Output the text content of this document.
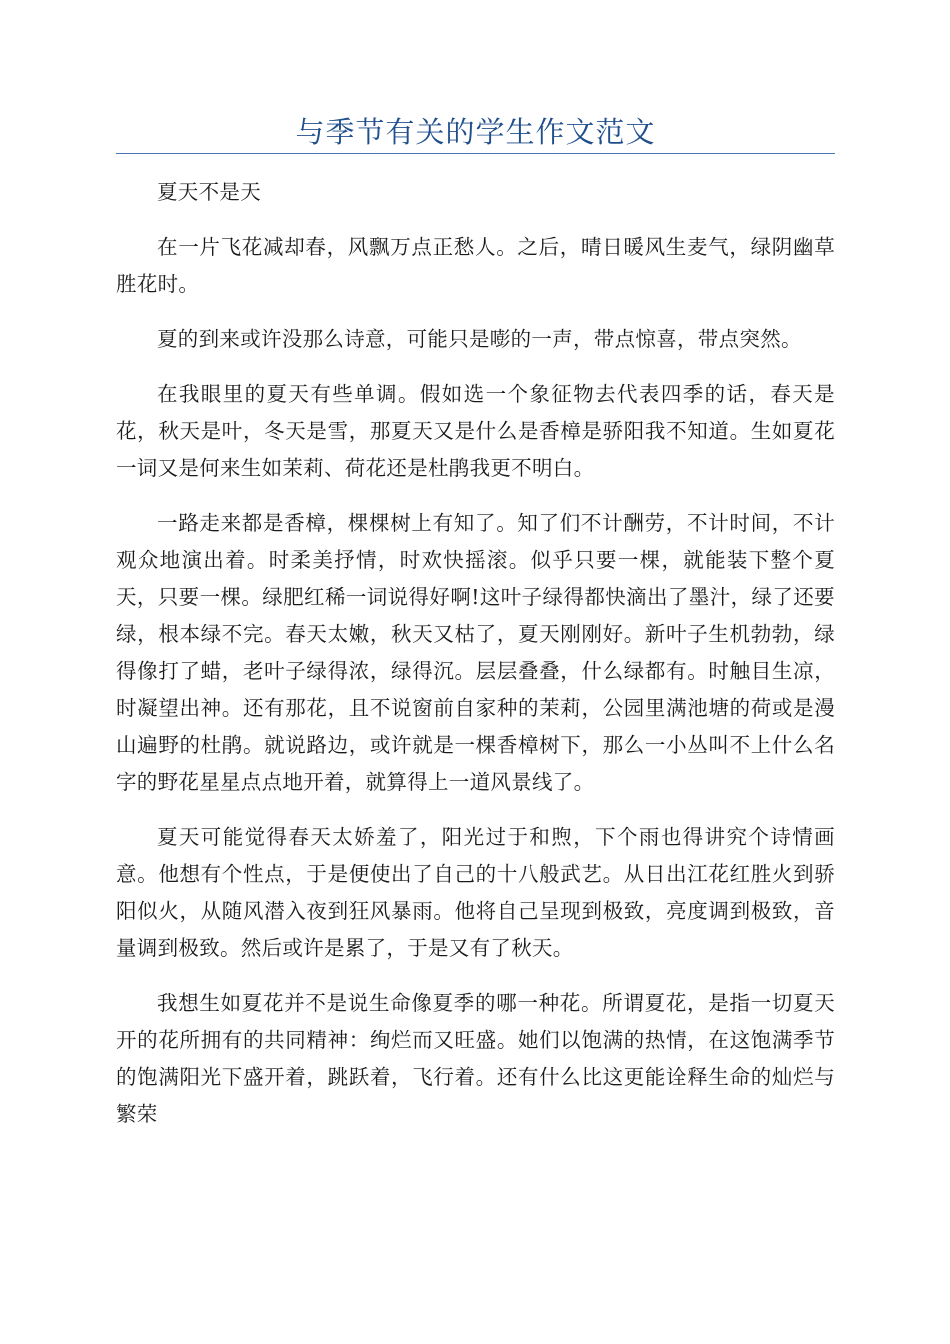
与季节有关的学生作文范文

夏天不是天

在一片飞花减却春，风飘万点正愁人。之后，晴日暖风生麦气，绿阴幽草胜花时。

夏的到来或许没那么诗意，可能只是嘭的一声，带点惊喜，带点突然。

在我眼里的夏天有些单调。假如选一个象征物去代表四季的话，春天是花，秋天是叶，冬天是雪，那夏天又是什么是香樟是骄阳我不知道。生如夏花一词又是何来生如茉莉、荷花还是杜鹃我更不明白。

一路走来都是香樟，棵棵树上有知了。知了们不计酬劳，不计时间，不计观众地演出着。时柔美抒情，时欢快摇滚。似乎只要一棵，就能装下整个夏天，只要一棵。绿肥红稀一词说得好啊!这叶子绿得都快滴出了墨汁，绿了还要绿，根本绿不完。春天太嫩，秋天又枯了，夏天刚刚好。新叶子生机勃勃，绿得像打了蜡，老叶子绿得浓，绿得沉。层层叠叠，什么绿都有。时触目生凉，时凝望出神。还有那花，且不说窗前自家种的茉莉，公园里满池塘的荷或是漫山遍野的杜鹃。就说路边，或许就是一棵香樟树下，那么一小丛叫不上什么名字的野花星星点点地开着，就算得上一道风景线了。

夏天可能觉得春天太娇羞了，阳光过于和煦，下个雨也得讲究个诗情画意。他想有个性点，于是便使出了自己的十八般武艺。从日出江花红胜火到骄阳似火，从随风潜入夜到狂风暴雨。他将自己呈现到极致，亮度调到极致，音量调到极致。然后或许是累了，于是又有了秋天。

我想生如夏花并不是说生命像夏季的哪一种花。所谓夏花，是指一切夏天开的花所拥有的共同精神：绚烂而又旺盛。她们以饱满的热情，在这饱满季节的饱满阳光下盛开着，跳跃着，飞行着。还有什么比这更能诠释生命的灿烂与繁荣
